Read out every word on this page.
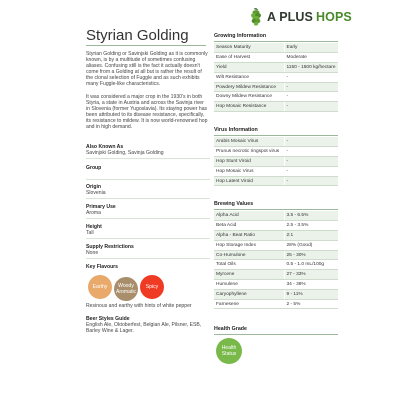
A PLUS HOPS
Styrian Golding

Styrian Golding or Savinjski Golding as it is commonly known, is by a multitude of sometimes confusing aliases. Confusing still is the fact it actually doesn't come from a Golding at all but is rather the result of the clonal selection of Fuggle and as such exhibits many Fuggle-like characteristics.

It was considered a major crop in the 1930's in both Styria, a state in Austria and across the Savinja river in Slovenia (former Yugoslavia). Its staying power has been attributed to its disease resistance, specifically, its resistance to mildew. It is now world-renowned hop and in high demand.

Also Known As
Savinjski Golding, Savinja Golding
Group
Origin
Slovenia
Primary Use
Aroma
Height
Tall
Supply Restrictions
None
Key Flavours
Earthy	Woody Aromatic
Spicy
Resinous and earthy with hints of white pepper
Beer Styles Guide
English Ale, Oktoberfest, Belgian Ale, Pilsner, ESB, Barley Wine & Lager.
Growing Information
Season Maturity	Early
Ease of Harvest	Moderate
Yield	1150 - 1500 kg/hectare
Wilt Resistance	-
Powdery Mildew Resistance	-
Downy Mildew Resistance	-
Hop Mosaic Resistance	-
Virus Information
Arabis Mosaic Virus	-
Prunus necrotic ringspot virus	-
Hop Stunt Viroid	-
Hop Mosaic Virus	-
Hop Latent Viroid	-
Brewing Values
Alpha Acid	3.5 - 6.5%
Beta Acid	2.5 - 3.5%
Alpha - Beat Ratio	2:1
Hop Storage Index	28% (Good)
Co-Humulone	25 - 30%
Total Oils	0.5 - 1.0 mL/100g
Myrcene	27 - 33%
Humulene	34 - 38%
Caryophyllene	9 - 11%
Farnesene	2 - 5%
Health Grade
Health Status
